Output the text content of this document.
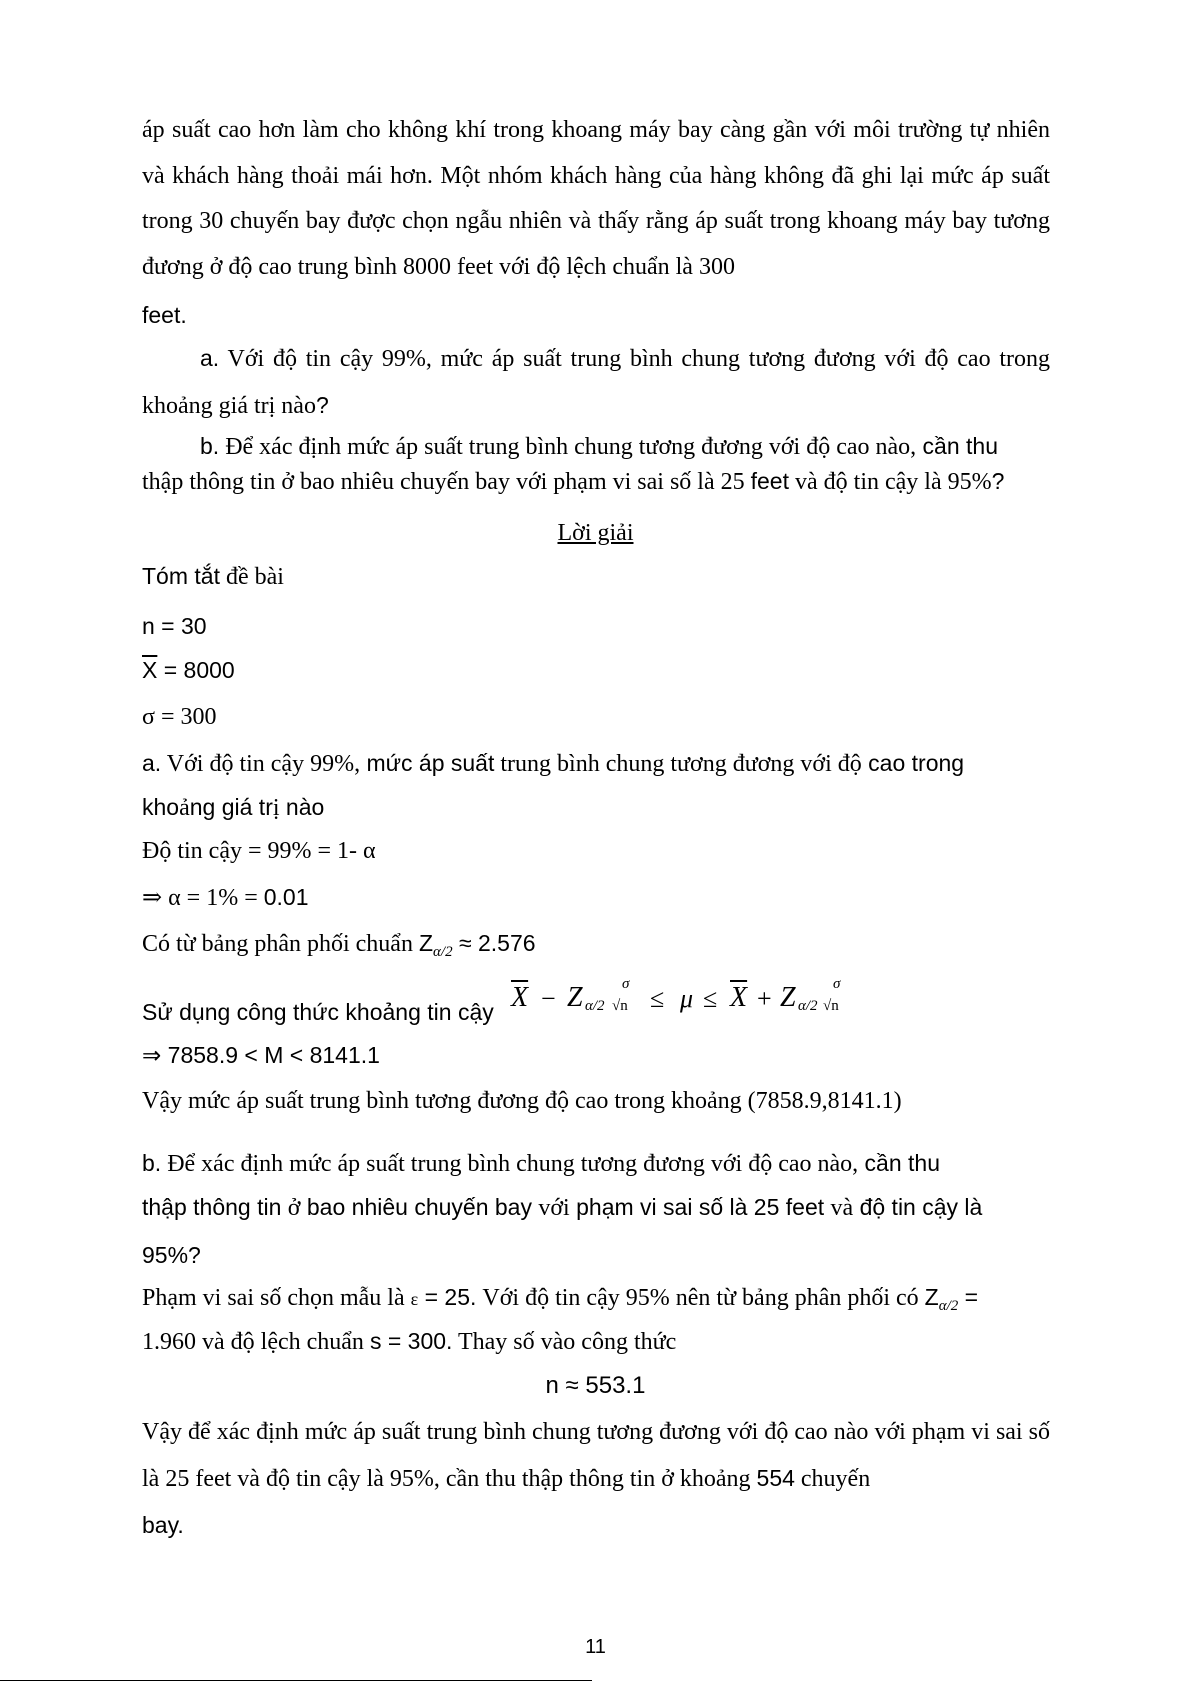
áp suất cao hơn làm cho không khí trong khoang máy bay càng gần với môi trường tự nhiên và khách hàng thoải mái hơn. Một nhóm khách hàng của hàng không đã ghi lại mức áp suất trong 30 chuyến bay được chọn ngẫu nhiên và thấy rằng áp suất trong khoang máy bay tương đương ở độ cao trung bình 8000 feet với độ lệch chuẩn là 300
feet.
a. Với độ tin cậy 99%, mức áp suất trung bình chung tương đương với độ cao trong khoảng giá trị nào?
b. Để xác định mức áp suất trung bình chung tương đương với độ cao nào, cần thu
thập thông tin ở bao nhiêu chuyến bay với phạm vi sai số là 25 feet và độ tin cậy là 95%?
Lời giải
Tóm tắt đề bài
n = 30
$\overline{X} = 8000$
σ = 300
a. Với độ tin cậy 99%, mức áp suất trung bình chung tương đương với độ cao trong
khoảng giá trị nào
Độ tin cậy = 99% = 1- α
⇒ α = 1% = 0.01
Có từ bảng phân phối chuẩn $Z_{\alpha/2} \approx 2.576$
Sử dụng công thức khoảng tin cậy $\overline{X} - Z$ α/2
σ
$√n \le \mu \le \overline{X} + Z$ α/2
σ
√n
⇒ 7858.9 < M < 8141.1
Vậy mức áp suất trung bình tương đương độ cao trong khoảng (7858.9,8141.1)
b. Để xác định mức áp suất trung bình chung tương đương với độ cao nào, cần thu
thập thông tin ở bao nhiêu chuyến bay với phạm vi sai số là 25 feet và độ tin cậy là
95%?
Phạm vi sai số chọn mẫu là ε = 25. Với độ tin cậy 95% nên từ bảng phân phối có $Z_{\alpha/2}$ =
1.960 và độ lệch chuẩn s = 300. Thay số vào công thức
n ≈ 553.1
Vậy để xác định mức áp suất trung bình chung tương đương với độ cao nào với phạm vi sai số là 25 feet và độ tin cậy là 95%, cần thu thập thông tin ở khoảng 554 chuyến
bay.
11
